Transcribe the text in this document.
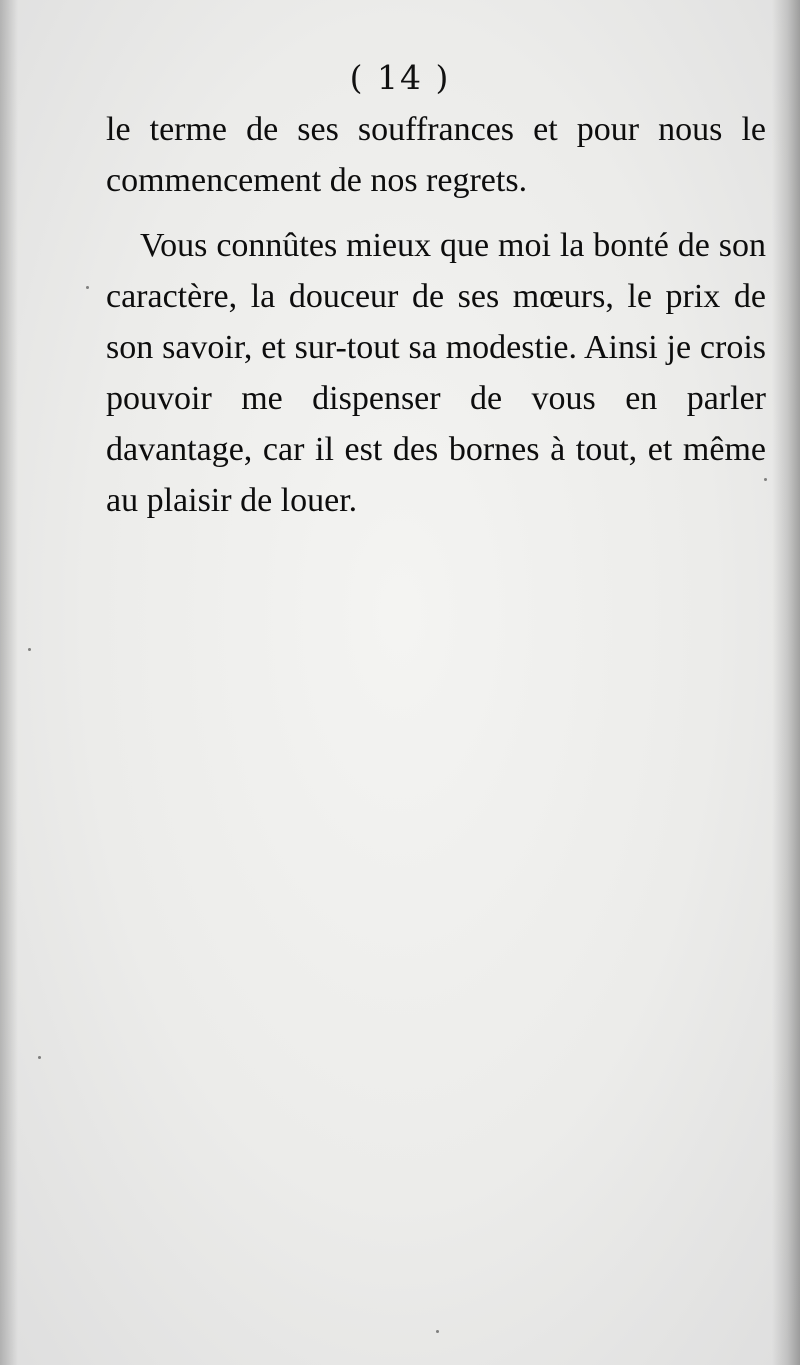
( 14 )

le terme de ses souffrances et pour nous le commencement de nos regrets.

Vous connûtes mieux que moi la bonté de son caractère, la douceur de ses mœurs, le prix de son savoir, et sur-tout sa modestie. Ainsi je crois pouvoir me dispenser de vous en parler davantage, car il est des bornes à tout, et même au plaisir de louer.
